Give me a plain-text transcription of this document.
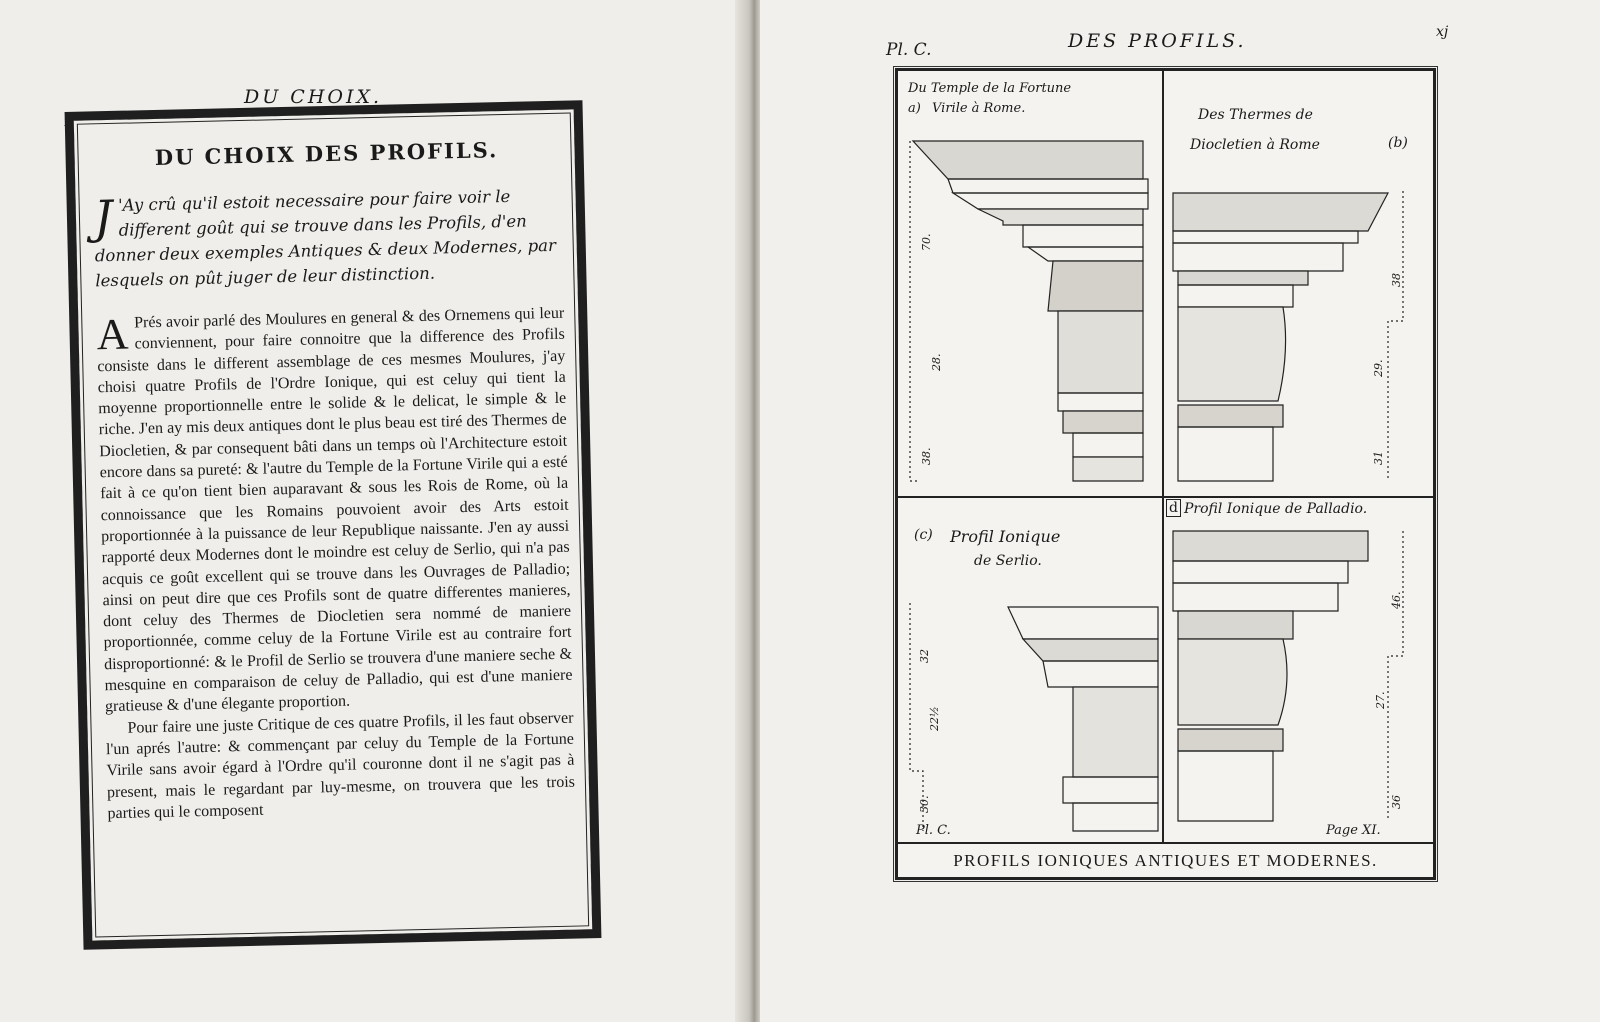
DU CHOIX.
x
DU CHOIX DES PROFILS.

J 'Ay crû qu'il estoit necessaire pour faire voir le different goût qui se trouve dans les Profils, d'en donner deux exemples Antiques & deux Modernes, par lesquels on pût juger de leur distinction.

A Prés avoir parlé des Moulures en general & des Ornemens qui leur conviennent, pour faire connoitre que la difference des Profils consiste dans le different assemblage de ces mesmes Moulures, j'ay choisi quatre Profils de l'Ordre Ionique, qui est celuy qui tient la moyenne proportionnelle entre le solide & le delicat, le simple & le riche. J'en ay mis deux antiques dont le plus beau est tiré des Thermes de Diocletien, & par consequent bâti dans un temps où l'Architecture estoit encore dans sa pureté: & l'autre du Temple de la Fortune Virile qui a esté fait à ce qu'on tient bien auparavant & sous les Rois de Rome, où la connoissance que les Romains pouvoient avoir des Arts estoit proportionnée à la puissance de leur Republique naissante. J'en ay aussi rapporté deux Modernes dont le moindre est celuy de Serlio, qui n'a pas acquis ce goût excellent qui se trouve dans les Ouvrages de Palladio; ainsi on peut dire que ces Profils sont de quatre differentes manieres, dont celuy des Thermes de Diocletien sera nommé de maniere proportionnée, comme celuy de la Fortune Virile est au contraire fort disproportionné: & le Profil de Serlio se trouvera d'une maniere seche & mesquine en comparaison de celuy de Palladio, qui est d'une maniere gratieuse & d'une élegante proportion.

Pour faire une juste Critique de ces quatre Profils, il les faut observer l'un aprés l'autre: & commençant par celuy du Temple de la Fortune Virile sans avoir égard à l'Ordre qu'il couronne dont il ne s'agit pas à present, mais le regardant par luy-mesme, on trouvera que les trois parties qui le composent

Pl. C.	DES PROFILS.	xj
Du Temple de la Fortune
a) Virile à Rome.	Des Thermes de
Diocletien à Rome	(b)
(c) Profil Ionique
de Serlio.
d Profil Ionique de Palladio.
70.
28.
38.
38
29.
31
32
22½
30.
46.
27.
36
Pl. C.	Page XI.
PROFILS IONIQUES ANTIQUES ET MODERNES.
